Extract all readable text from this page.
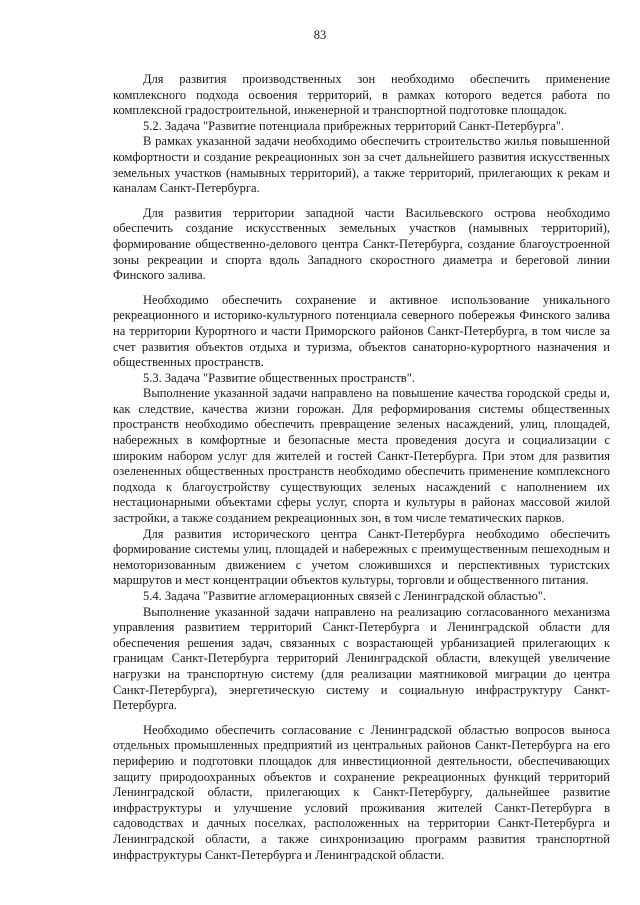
83

Для развития производственных зон необходимо обеспечить применение комплексного подхода освоения территорий, в рамках которого ведется работа по комплексной градостроительной, инженерной и транспортной подготовке площадок.

5.2. Задача "Развитие потенциала прибрежных территорий Санкт-Петербурга".

В рамках указанной задачи необходимо обеспечить строительство жилья повышенной комфортности и создание рекреационных зон за счет дальнейшего развития искусственных земельных участков (намывных территорий), а также территорий, прилегающих к рекам и каналам Санкт-Петербурга.

Для развития территории западной части Васильевского острова необходимо обеспечить создание искусственных земельных участков (намывных территорий), формирование общественно-делового центра Санкт-Петербурга, создание благоустроенной зоны рекреации и спорта вдоль Западного скоростного диаметра и береговой линии Финского залива.

Необходимо обеспечить сохранение и активное использование уникального рекреационного и историко-культурного потенциала северного побережья Финского залива на территории Курортного и части Приморского районов Санкт-Петербурга, в том числе за счет развития объектов отдыха и туризма, объектов санаторно-курортного назначения и общественных пространств.

5.3. Задача "Развитие общественных пространств".

Выполнение указанной задачи направлено на повышение качества городской среды и, как следствие, качества жизни горожан. Для реформирования системы общественных пространств необходимо обеспечить превращение зеленых насаждений, улиц, площадей, набережных в комфортные и безопасные места проведения досуга и социализации с широким набором услуг для жителей и гостей Санкт-Петербурга. При этом для развития озелененных общественных пространств необходимо обеспечить применение комплексного подхода к благоустройству существующих зеленых насаждений с наполнением их нестационарными объектами сферы услуг, спорта и культуры в районах массовой жилой застройки, а также созданием рекреационных зон, в том числе тематических парков.

Для развития исторического центра Санкт-Петербурга необходимо обеспечить формирование системы улиц, площадей и набережных с преимущественным пешеходным и немоторизованным движением с учетом сложившихся и перспективных туристских маршрутов и мест концентрации объектов культуры, торговли и общественного питания.

5.4. Задача "Развитие агломерационных связей с Ленинградской областью".

Выполнение указанной задачи направлено на реализацию согласованного механизма управления развитием территорий Санкт-Петербурга и Ленинградской области для обеспечения решения задач, связанных с возрастающей урбанизацией прилегающих к границам Санкт-Петербурга территорий Ленинградской области, влекущей увеличение нагрузки на транспортную систему (для реализации маятниковой миграции до центра Санкт-Петербурга), энергетическую систему и социальную инфраструктуру Санкт-Петербурга.

Необходимо обеспечить согласование с Ленинградской областью вопросов выноса отдельных промышленных предприятий из центральных районов Санкт-Петербурга на его периферию и подготовки площадок для инвестиционной деятельности, обеспечивающих защиту природоохранных объектов и сохранение рекреационных функций территорий Ленинградской области, прилегающих к Санкт-Петербургу, дальнейшее развитие инфраструктуры и улучшение условий проживания жителей Санкт-Петербурга в садоводствах и дачных поселках, расположенных на территории Санкт-Петербурга и Ленинградской области, а также синхронизацию программ развития транспортной инфраструктуры Санкт-Петербурга и Ленинградской области.
